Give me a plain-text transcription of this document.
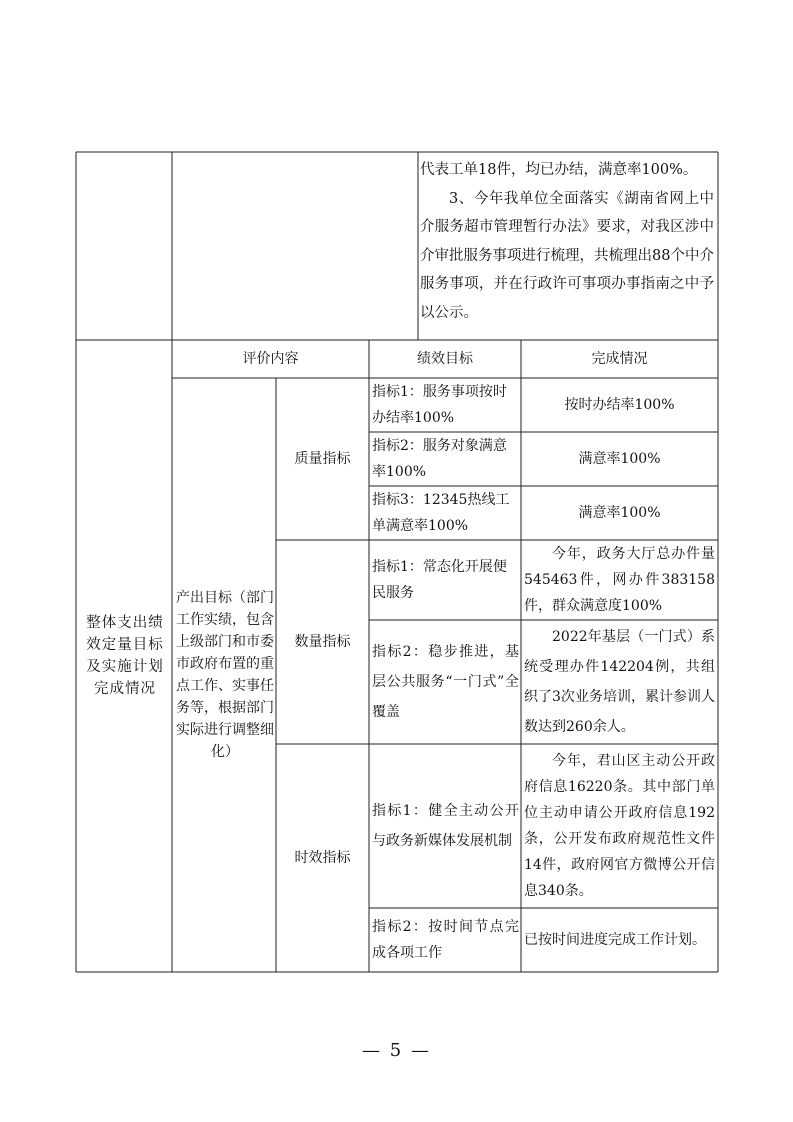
代表工单18件，均已办结，满意率100%。

3、今年我单位全面落实《湖南省网上中介服务超市管理暂行办法》要求，对我区涉中介审批服务事项进行梳理，共梳理出88个中介服务事项，并在行政许可事项办事指南之中予以公示。

整体支出绩效定量目标及实施计划完成情况
评价内容	绩效目标	完成情况
产出目标（部门工作实绩，包含上级部门和市委市政府布置的重点工作、实事任务等，根据部门实际进行调整细化）
质量指标
数量指标
时效指标
指标1：服务事项按时办结率100%
按时办结率100%
指标2：服务对象满意率100%
满意率100%
指标3：12345热线工单满意率100%
满意率100%
指标1：常态化开展便民服务
今年，政务大厅总办件量545463件，网办件383158件，群众满意度100%
指标2：稳步推进，基层公共服务“一门式”全覆盖
2022年基层（一门式）系统受理办件142204例，共组织了3次业务培训，累计参训人数达到260余人。
指标1：健全主动公开与政务新媒体发展机制
今年，君山区主动公开政府信息16220条。其中部门单位主动申请公开政府信息192条，公开发布政府规范性文件14件，政府网官方微博公开信息340条。
指标2：按时间节点完成各项工作
已按时间进度完成工作计划。
— 5 —
